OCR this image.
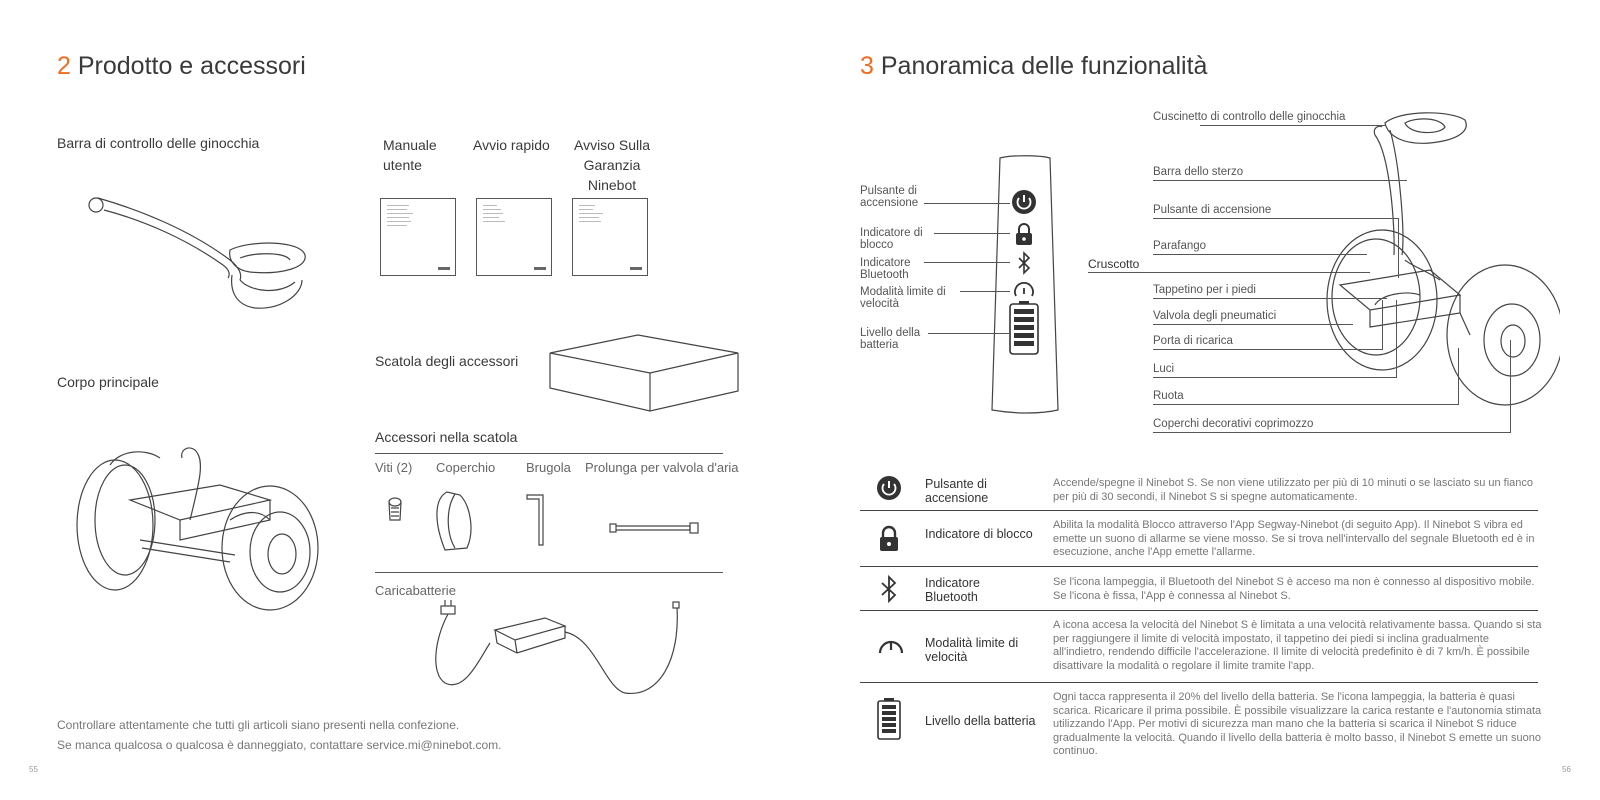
2 Prodotto e accessori
Barra di controllo delle ginocchia	Manuale utente
Avvio rapido	Avviso Sulla Garanzia Ninebot
Corpo principale
Scatola degli accessori
Accessori nella scatola
Viti (2) Coperchio Brugola Prolunga per valvola d'aria
Caricabatterie
Controllare attentamente che tutti gli articoli siano presenti nella confezione.
Se manca qualcosa o qualcosa è danneggiato, contattare service.mi@ninebot.com.
55
3 Panoramica delle funzionalità
Pulsante di accensione
Indicatore di blocco
Indicatore Bluetooth
Modalità limite di velocità
Livello della batteria
Cruscotto
Cuscinetto di controllo delle ginocchia
Barra dello sterzo
Pulsante di accensione
Parafango
Tappetino per i piedi
Valvola degli pneumatici
Porta di ricarica
Luci
Ruota
Coperchi decorativi coprimozzo
Pulsante di accensione
Accende/spegne il Ninebot S. Se non viene utilizzato per più di 10 minuti o se lasciato su un fianco per più di 30 secondi, il Ninebot S si spegne automaticamente.
Indicatore di blocco
Abilita la modalità Blocco attraverso l'App Segway-Ninebot (di seguito App). Il Ninebot S vibra ed emette un suono di allarme se viene mosso. Se si trova nell'intervallo del segnale Bluetooth ed è in esecuzione, anche l'App emette l'allarme.
Indicatore Bluetooth
Se l'icona lampeggia, il Bluetooth del Ninebot S è acceso ma non è connesso al dispositivo mobile. Se l'icona è fissa, l'App è connessa al Ninebot S.
Modalità limite di velocità
A icona accesa la velocità del Ninebot S è limitata a una velocità relativamente bassa. Quando si sta per raggiungere il limite di velocità impostato, il tappetino dei piedi si inclina gradualmente all'indietro, rendendo difficile l'accelerazione. Il limite di velocità predefinito è di 7 km/h. È possibile disattivare la modalità o regolare il limite tramite l'app.
Livello della batteria
Ogni tacca rappresenta il 20% del livello della batteria. Se l'icona lampeggia, la batteria è quasi scarica. Ricaricare il prima possibile. È possibile visualizzare la carica restante e l'autonomia stimata utilizzando l'App. Per motivi di sicurezza man mano che la batteria si scarica il Ninebot S riduce gradualmente la velocità. Quando il livello della batteria è molto basso, il Ninebot S emette un suono continuo.
56
